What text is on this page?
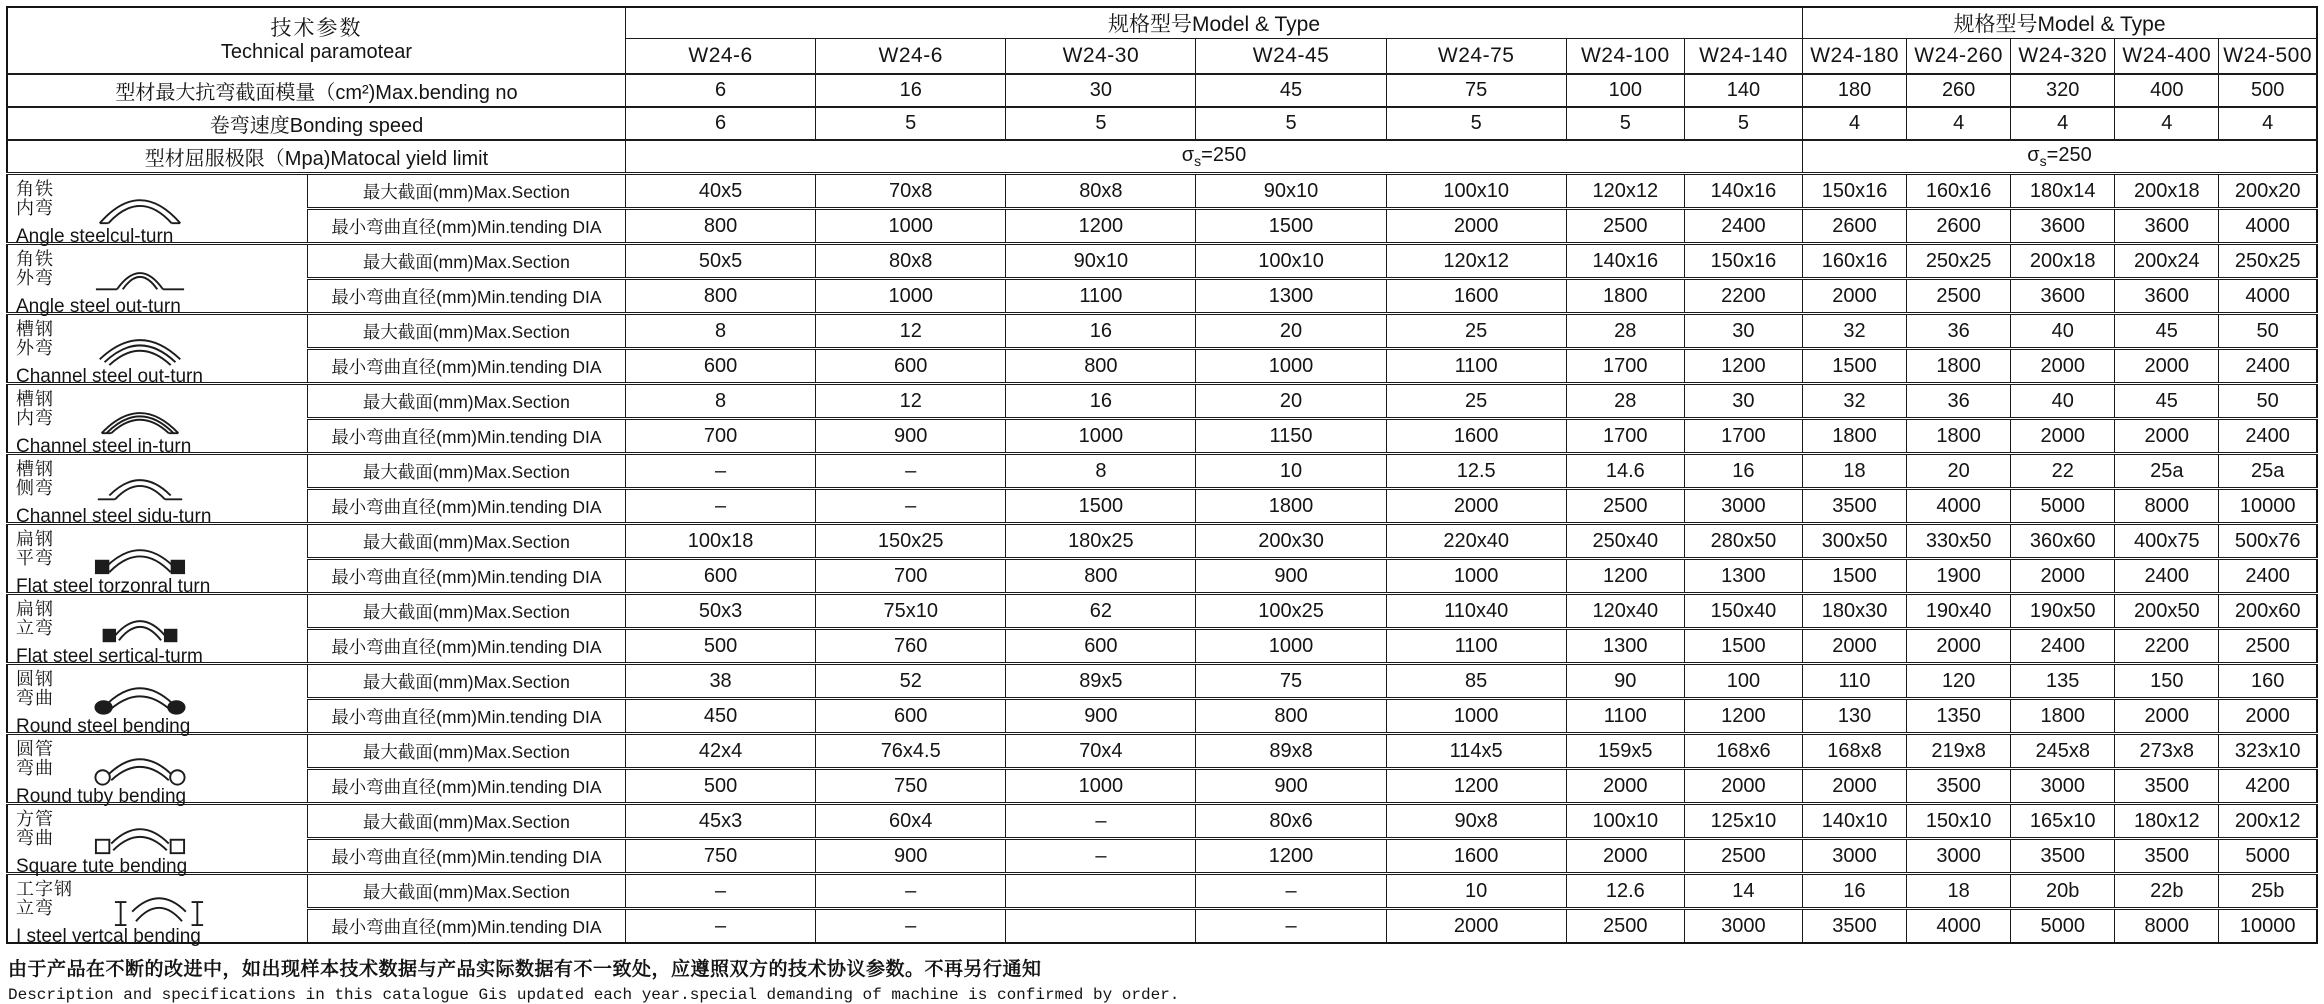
技术参数
Technical paramotear		规格型号Model & Type							规格型号Model & Type				
		W24-6	W24-6	W24-30	W24-45	W24-75	W24-100	W24-140	W24-180	W24-260	W24-320	W24-400	W24-500
型材最大抗弯截面模量（cm²)Max.bending no		6	16	30	45	75	100	140	180	260	320	400	500
卷弯速度Bonding speed		6	5	5	5	5	5	5	4	4	4	4	4
型材屈服极限（Mpa)Matocal yield limit		$\sigma_s=250$							$\sigma_s=250$				

角铁
内弯
Angle steelcul-turn	最大截面(mm)Max.Section	40x5	70x8	80x8	90x10	100x10	120x12	140x16	150x16	160x16	180x14	200x18	200x20
	最小弯曲直径(mm)Min.tending DIA	800	1000	1200	1500	2000	2500	2400	2600	2600	3600	3600	4000

角铁
外弯
Angle steel out-turn	最大截面(mm)Max.Section	50x5	80x8	90x10	100x10	120x12	140x16	150x16	160x16	250x25	200x18	200x24	250x25
	最小弯曲直径(mm)Min.tending DIA	800	1000	1100	1300	1600	1800	2200	2000	2500	3600	3600	4000

槽钢
外弯
Channel steel out-turn	最大截面(mm)Max.Section	8	12	16	20	25	28	30	32	36	40	45	50
	最小弯曲直径(mm)Min.tending DIA	600	600	800	1000	1100	1700	1200	1500	1800	2000	2000	2400

槽钢
内弯
Channel steel in-turn	最大截面(mm)Max.Section	8	12	16	20	25	28	30	32	36	40	45	50
	最小弯曲直径(mm)Min.tending DIA	700	900	1000	1150	1600	1700	1700	1800	1800	2000	2000	2400

槽钢
侧弯
Channel steel sidu-turn	最大截面(mm)Max.Section	–	–	8	10	12.5	14.6	16	18	20	22	25a	25a
	最小弯曲直径(mm)Min.tending DIA	–	–	1500	1800	2000	2500	3000	3500	4000	5000	8000	10000

扁钢
平弯
Flat steel torzonral turn	最大截面(mm)Max.Section	100x18	150x25	180x25	200x30	220x40	250x40	280x50	300x50	330x50	360x60	400x75	500x76
	最小弯曲直径(mm)Min.tending DIA	600	700	800	900	1000	1200	1300	1500	1900	2000	2400	2400

扁钢
立弯
Flat steel sertical-turm	最大截面(mm)Max.Section	50x3	75x10	62	100x25	110x40	120x40	150x40	180x30	190x40	190x50	200x50	200x60
	最小弯曲直径(mm)Min.tending DIA	500	760	600	1000	1100	1300	1500	2000	2000	2400	2200	2500

圆钢
弯曲
Round steel bending	最大截面(mm)Max.Section	38	52	89x5	75	85	90	100	110	120	135	150	160
	最小弯曲直径(mm)Min.tending DIA	450	600	900	800	1000	1100	1200	130	1350	1800	2000	2000

圆管
弯曲
Round tuby bending	最大截面(mm)Max.Section	42x4	76x4.5	70x4	89x8	114x5	159x5	168x6	168x8	219x8	245x8	273x8	323x10
	最小弯曲直径(mm)Min.tending DIA	500	750	1000	900	1200	2000	2000	2000	3500	3000	3500	4200

方管
弯曲
Square tute bending	最大截面(mm)Max.Section	45x3	60x4	–	80x6	90x8	100x10	125x10	140x10	150x10	165x10	180x12	200x12
	最小弯曲直径(mm)Min.tending DIA	750	900	–	1200	1600	2000	2500	3000	3000	3500	3500	5000

工字钢
立弯
I steel vertcal bending	最大截面(mm)Max.Section	–	–		–	10	12.6	14	16	18	20b	22b	25b
	最小弯曲直径(mm)Min.tending DIA	–	–		–	2000	2500	3000	3500	4000	5000	8000	10000
由于产品在不断的改进中，如出现样本技术数据与产品实际数据有不一致处，应遵照双方的技术协议参数。不再另行通知
Description and specifications in this catalogue Gis updated each year.special demanding of machine is confirmed by order.
